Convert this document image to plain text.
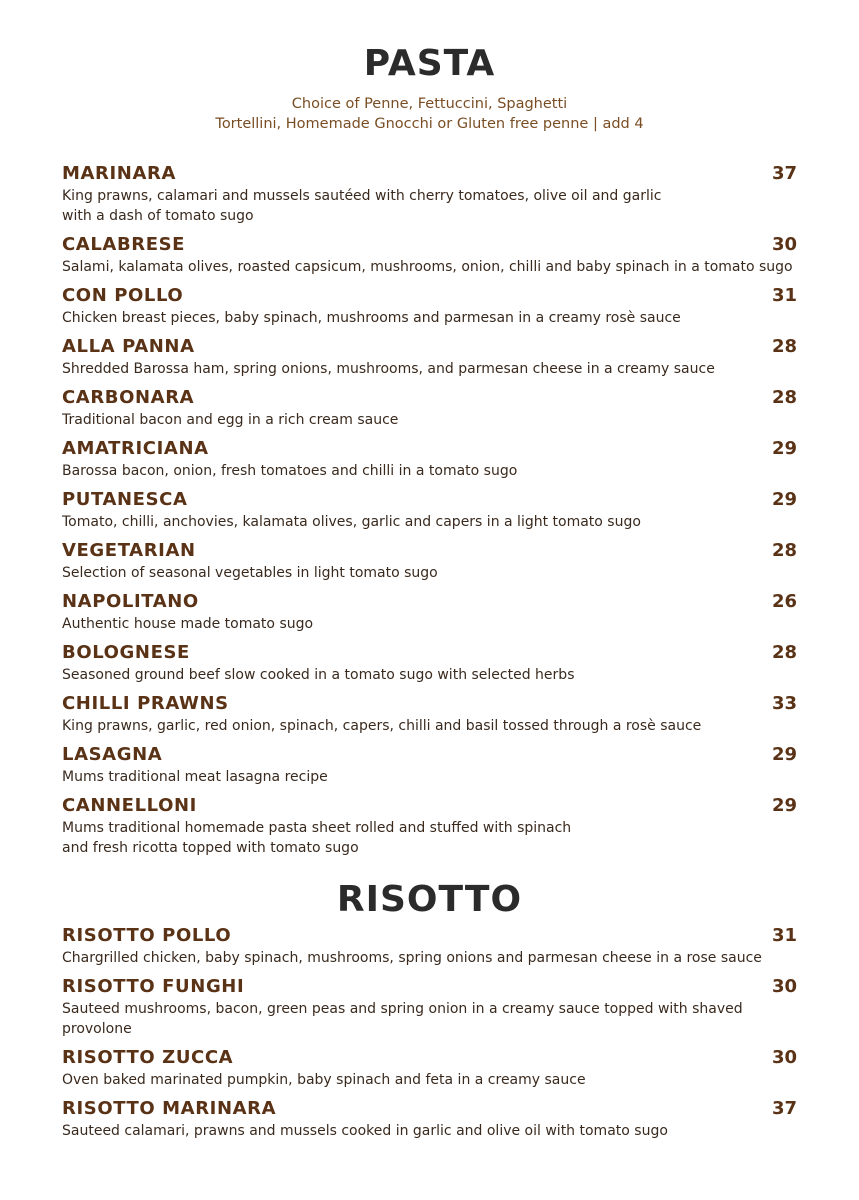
PASTA

Choice of Penne, Fettuccini, Spaghetti

Tortellini, Homemade Gnocchi or Gluten free penne | add 4

MARINARA	37

King prawns, calamari and mussels sautéed with cherry tomatoes, olive oil and garlic
with a dash of tomato sugo

CALABRESE	30

Salami, kalamata olives, roasted capsicum, mushrooms, onion, chilli and baby spinach in a tomato sugo

CON POLLO	31

Chicken breast pieces, baby spinach, mushrooms and parmesan in a creamy rosè sauce

ALLA PANNA	28

Shredded Barossa ham, spring onions, mushrooms, and parmesan cheese in a creamy sauce

CARBONARA	28

Traditional bacon and egg in a rich cream sauce

AMATRICIANA	29

Barossa bacon, onion, fresh tomatoes and chilli in a tomato sugo

PUTANESCA	29

Tomato, chilli, anchovies, kalamata olives, garlic and capers in a light tomato sugo

VEGETARIAN	28

Selection of seasonal vegetables in light tomato sugo

NAPOLITANO	26

Authentic house made tomato sugo

BOLOGNESE	28

Seasoned ground beef slow cooked in a tomato sugo with selected herbs

CHILLI PRAWNS	33

King prawns, garlic, red onion, spinach, capers, chilli and basil tossed through a rosè sauce

LASAGNA	29

Mums traditional meat lasagna recipe

CANNELLONI	29

Mums traditional homemade pasta sheet rolled and stuffed with spinach
and fresh ricotta topped with tomato sugo

RISOTTO
RISOTTO POLLO	31

Chargrilled chicken, baby spinach, mushrooms, spring onions and parmesan cheese in a rose sauce

RISOTTO FUNGHI	30

Sauteed mushrooms, bacon, green peas and spring onion in a creamy sauce topped with shaved provolone

RISOTTO ZUCCA	30

Oven baked marinated pumpkin, baby spinach and feta in a creamy sauce

RISOTTO MARINARA	37

Sauteed calamari, prawns and mussels cooked in garlic and olive oil with tomato sugo
